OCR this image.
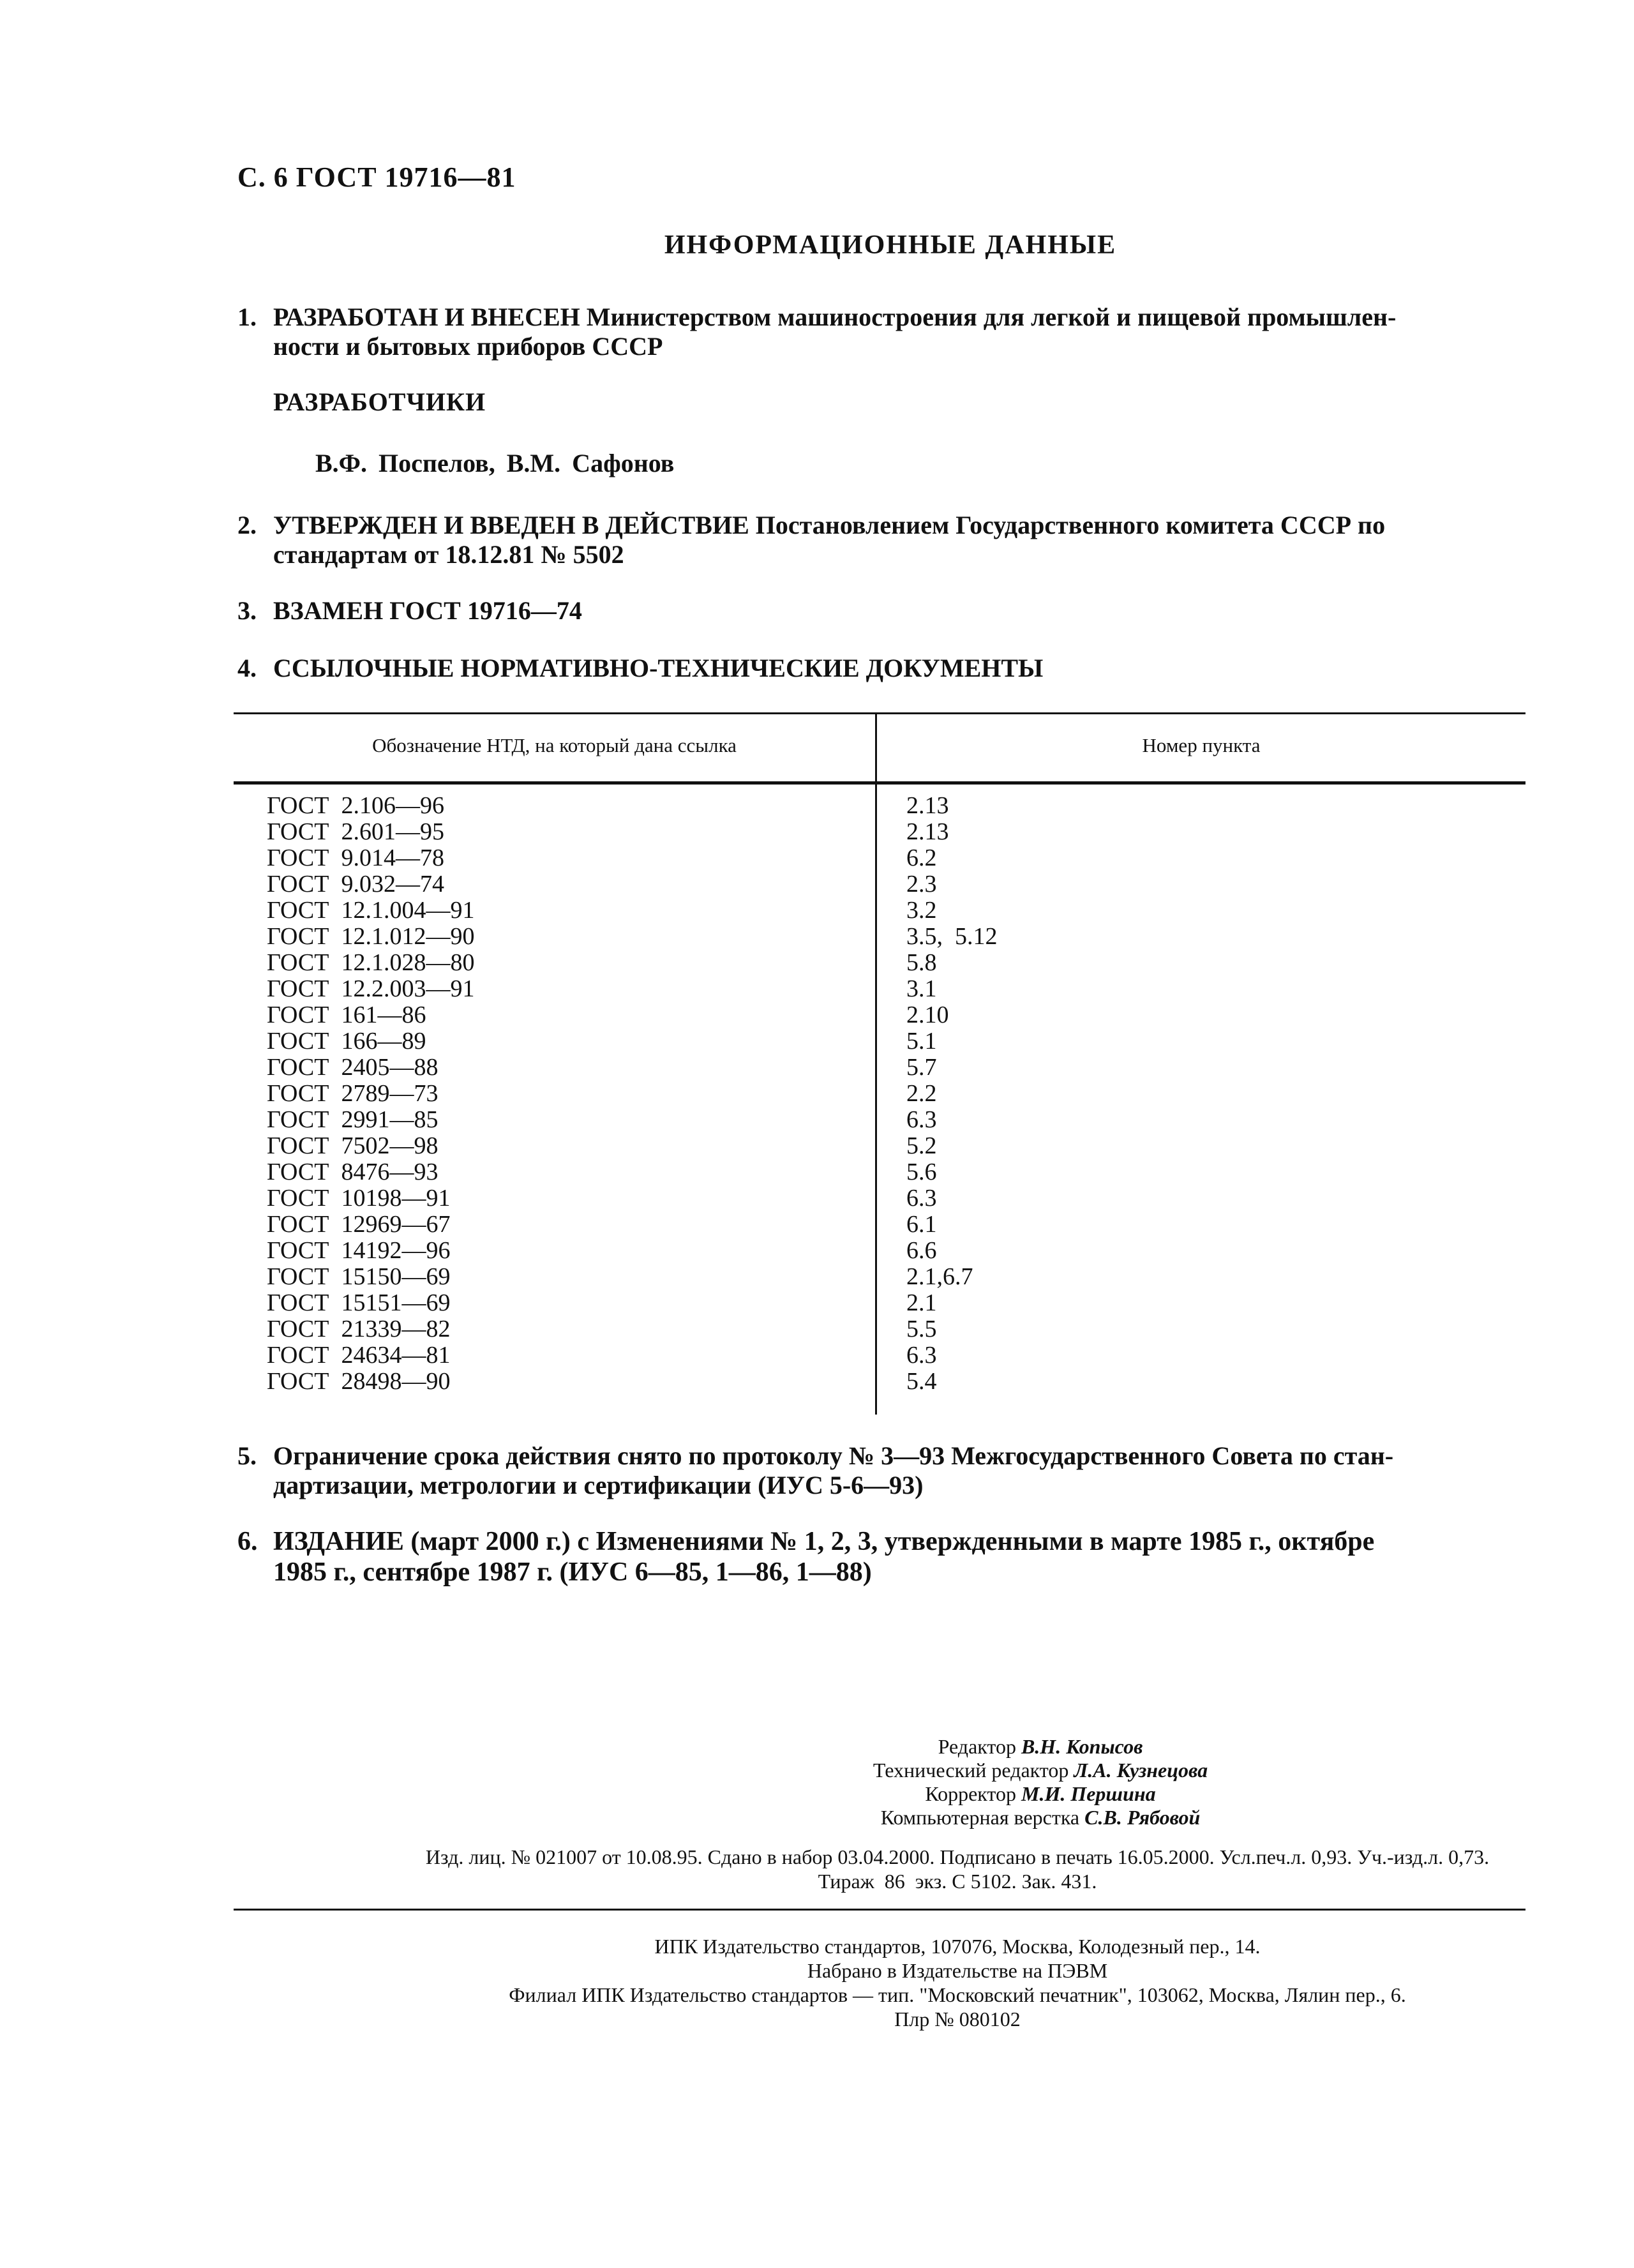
С. 6 ГОСТ 19716—81
ИНФОРМАЦИОННЫЕ ДАННЫЕ
1. РАЗРАБОТАН И ВНЕСЕН Министерством машиностроения для легкой и пищевой промышлен-
ности и бытовых приборов СССР
РАЗРАБОТЧИКИ
В.Ф. Поспелов, В.М. Сафонов
2. УТВЕРЖДЕН И ВВЕДЕН В ДЕЙСТВИЕ Постановлением Государственного комитета СССР по
стандартам от 18.12.81 № 5502
3. ВЗАМЕН ГОСТ 19716—74
4. ССЫЛОЧНЫЕ НОРМАТИВНО-ТЕХНИЧЕСКИЕ ДОКУМЕНТЫ
Обозначение НТД, на который дана ссылка	Номер пункта
ГОСТ  2.106—96
ГОСТ  2.601—95
ГОСТ  9.014—78
ГОСТ  9.032—74
ГОСТ  12.1.004—91
ГОСТ  12.1.012—90
ГОСТ  12.1.028—80
ГОСТ  12.2.003—91
ГОСТ  161—86
ГОСТ  166—89
ГОСТ  2405—88
ГОСТ  2789—73
ГОСТ  2991—85
ГОСТ  7502—98
ГОСТ  8476—93
ГОСТ  10198—91
ГОСТ  12969—67
ГОСТ  14192—96
ГОСТ  15150—69
ГОСТ  15151—69
ГОСТ  21339—82
ГОСТ  24634—81
ГОСТ  28498—90
2.13
2.13
6.2
2.3
3.2
3.5,  5.12
5.8
3.1
2.10
5.1
5.7
2.2
6.3
5.2
5.6
6.3
6.1
6.6
2.1,6.7
2.1
5.5
6.3
5.4
5. Ограничение срока действия снято по протоколу № 3—93 Межгосударственного Совета по стан-
дартизации, метрологии и сертификации (ИУС 5-6—93)
6. ИЗДАНИЕ (март 2000 г.) с Изменениями № 1, 2, 3, утвержденными в марте 1985 г., октябре
1985 г., сентябре 1987 г. (ИУС 6—85, 1—86, 1—88)
Редактор В.Н. Копысов
Технический редактор Л.А. Кузнецова
Корректор М.И. Першина
Компьютерная верстка С.В. Рябовой
Изд. лиц. № 021007 от 10.08.95. Сдано в набор 03.04.2000. Подписано в печать 16.05.2000. Усл.печ.л. 0,93. Уч.-изд.л. 0,73.
Тираж  86  экз. С 5102. Зак. 431.
ИПК Издательство стандартов, 107076, Москва, Колодезный пер., 14.
Набрано в Издательстве на ПЭВМ
Филиал ИПК Издательство стандартов — тип. "Московский печатник", 103062, Москва, Лялин пер., 6.
Плр № 080102
